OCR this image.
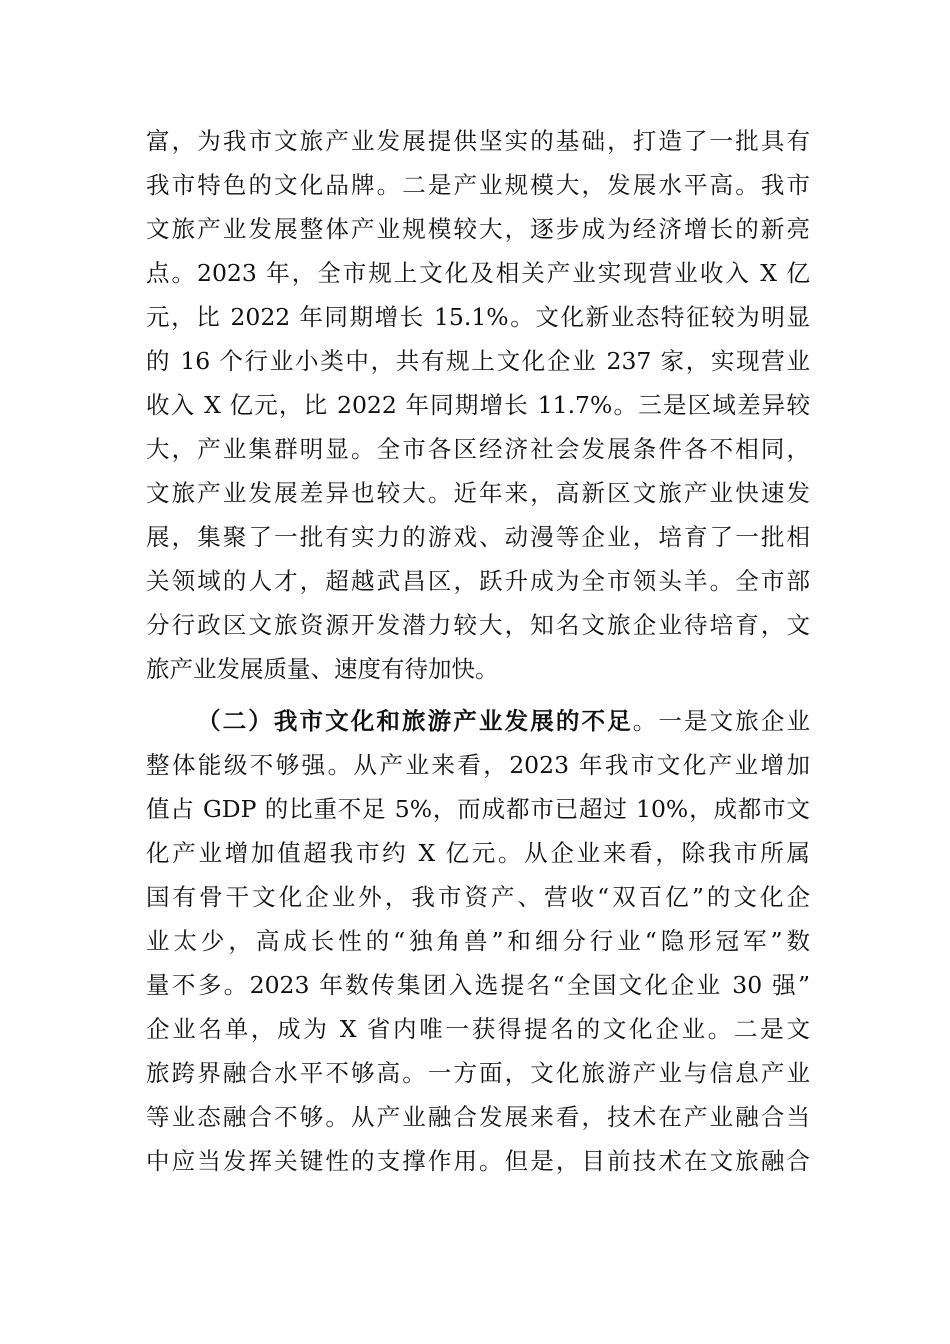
富，为我市文旅产业发展提供坚实的基础，打造了一批具有
我市特色的文化品牌。二是产业规模大，发展水平高。我市
文旅产业发展整体产业规模较大，逐步成为经济增长的新亮
点。2023 年，全市规上文化及相关产业实现营业收入 X 亿
元，比 2022 年同期增长 15.1%。文化新业态特征较为明显
的 16 个行业小类中，共有规上文化企业 237 家，实现营业
收入 X 亿元，比 2022 年同期增长 11.7%。三是区域差异较
大，产业集群明显。全市各区经济社会发展条件各不相同，
文旅产业发展差异也较大。近年来，高新区文旅产业快速发
展，集聚了一批有实力的游戏、动漫等企业，培育了一批相
关领域的人才，超越武昌区，跃升成为全市领头羊。全市部
分行政区文旅资源开发潜力较大，知名文旅企业待培育，文
旅产业发展质量、速度有待加快。
（二）我市文化和旅游产业发展的不足。一是文旅企业
整体能级不够强。从产业来看，2023 年我市文化产业增加
值占 GDP 的比重不足 5%，而成都市已超过 10%，成都市文
化产业增加值超我市约 X 亿元。从企业来看，除我市所属
国有骨干文化企业外，我市资产、营收“双百亿”的文化企
业太少，高成长性的“独角兽”和细分行业“隐形冠军”数
量不多。2023 年数传集团入选提名“全国文化企业 30 强”
企业名单，成为 X 省内唯一获得提名的文化企业。二是文
旅跨界融合水平不够高。一方面，文化旅游产业与信息产业
等业态融合不够。从产业融合发展来看，技术在产业融合当
中应当发挥关键性的支撑作用。但是，目前技术在文旅融合
